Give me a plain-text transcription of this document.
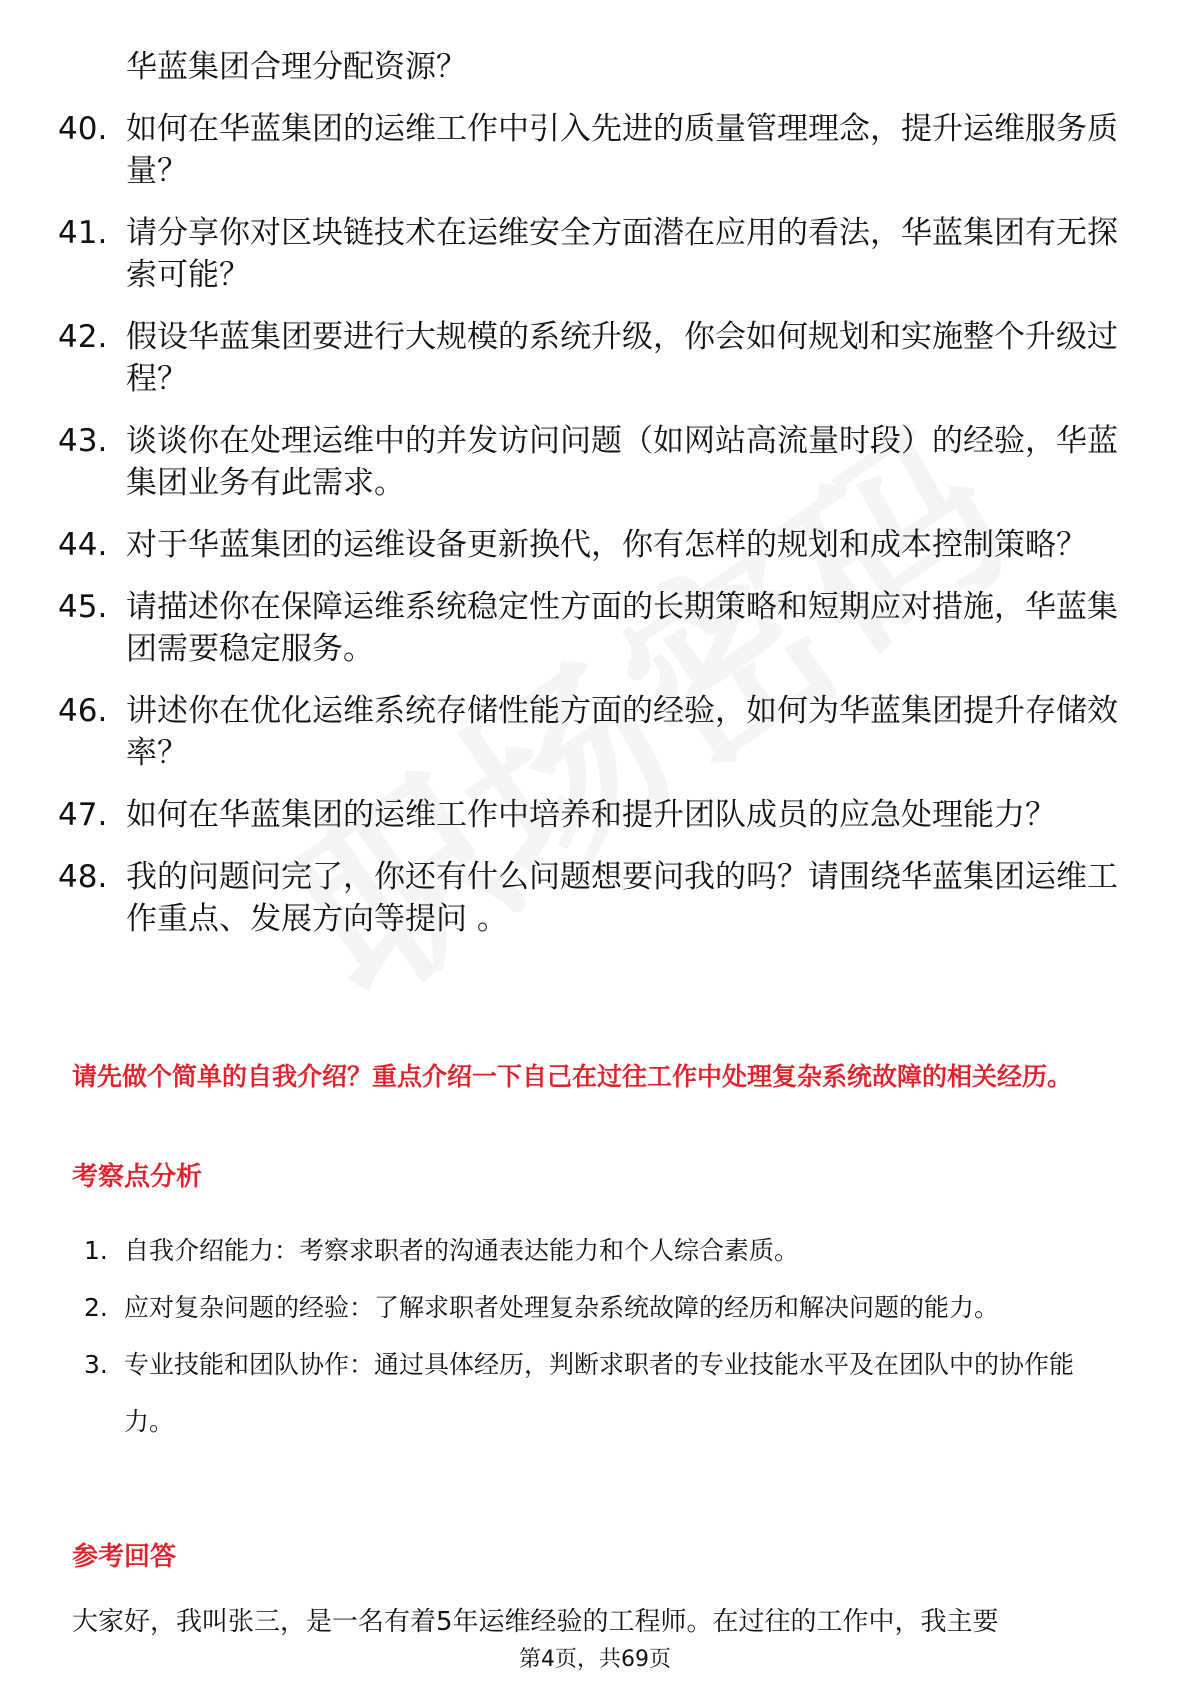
华蓝集团合理分配资源？
40. 如何在华蓝集团的运维工作中引入先进的质量管理理念，提升运维服务质量？
41. 请分享你对区块链技术在运维安全方面潜在应用的看法，华蓝集团有无探索可能？
42. 假设华蓝集团要进行大规模的系统升级，你会如何规划和实施整个升级过程？
43. 谈谈你在处理运维中的并发访问问题（如网站高流量时段）的经验，华蓝集团业务有此需求。
44. 对于华蓝集团的运维设备更新换代，你有怎样的规划和成本控制策略？
45. 请描述你在保障运维系统稳定性方面的长期策略和短期应对措施，华蓝集团需要稳定服务。
46. 讲述你在优化运维系统存储性能方面的经验，如何为华蓝集团提升存储效率？
47. 如何在华蓝集团的运维工作中培养和提升团队成员的应急处理能力？
48. 我的问题问完了，你还有什么问题想要问我的吗？请围绕华蓝集团运维工作重点、发展方向等提问 。
请先做个简单的自我介绍？重点介绍一下自己在过往工作中处理复杂系统故障的相关经历。
考察点分析
1. 自我介绍能力：考察求职者的沟通表达能力和个人综合素质。
2. 应对复杂问题的经验：了解求职者处理复杂系统故障的经历和解决问题的能力。
3. 专业技能和团队协作：通过具体经历，判断求职者的专业技能水平及在团队中的协作能力。
参考回答
大家好，我叫张三，是一名有着5年运维经验的工程师。在过往的工作中，我主要
第4页，共69页
